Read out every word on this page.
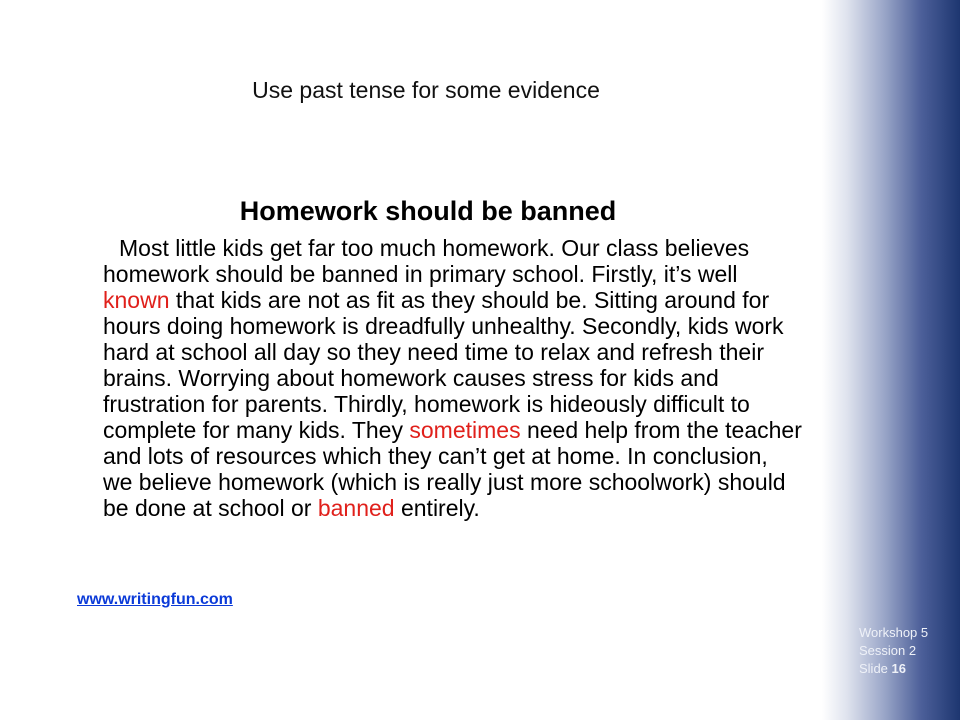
Use past tense for some evidence
Homework should be banned

Most little kids get far too much homework. Our class believes homework should be banned in primary school. Firstly, it’s well known that kids are not as fit as they should be. Sitting around for hours doing homework is dreadfully unhealthy. Secondly, kids work hard at school all day so they need time to relax and refresh their brains. Worrying about homework causes stress for kids and frustration for parents. Thirdly, homework is hideously difficult to complete for many kids. They sometimes need help from the teacher and lots of resources which they can’t get at home. In conclusion, we believe homework (which is really just more schoolwork) should be done at school or banned entirely.

www.writingfun.com
Workshop 5
Session 2
Slide 16
